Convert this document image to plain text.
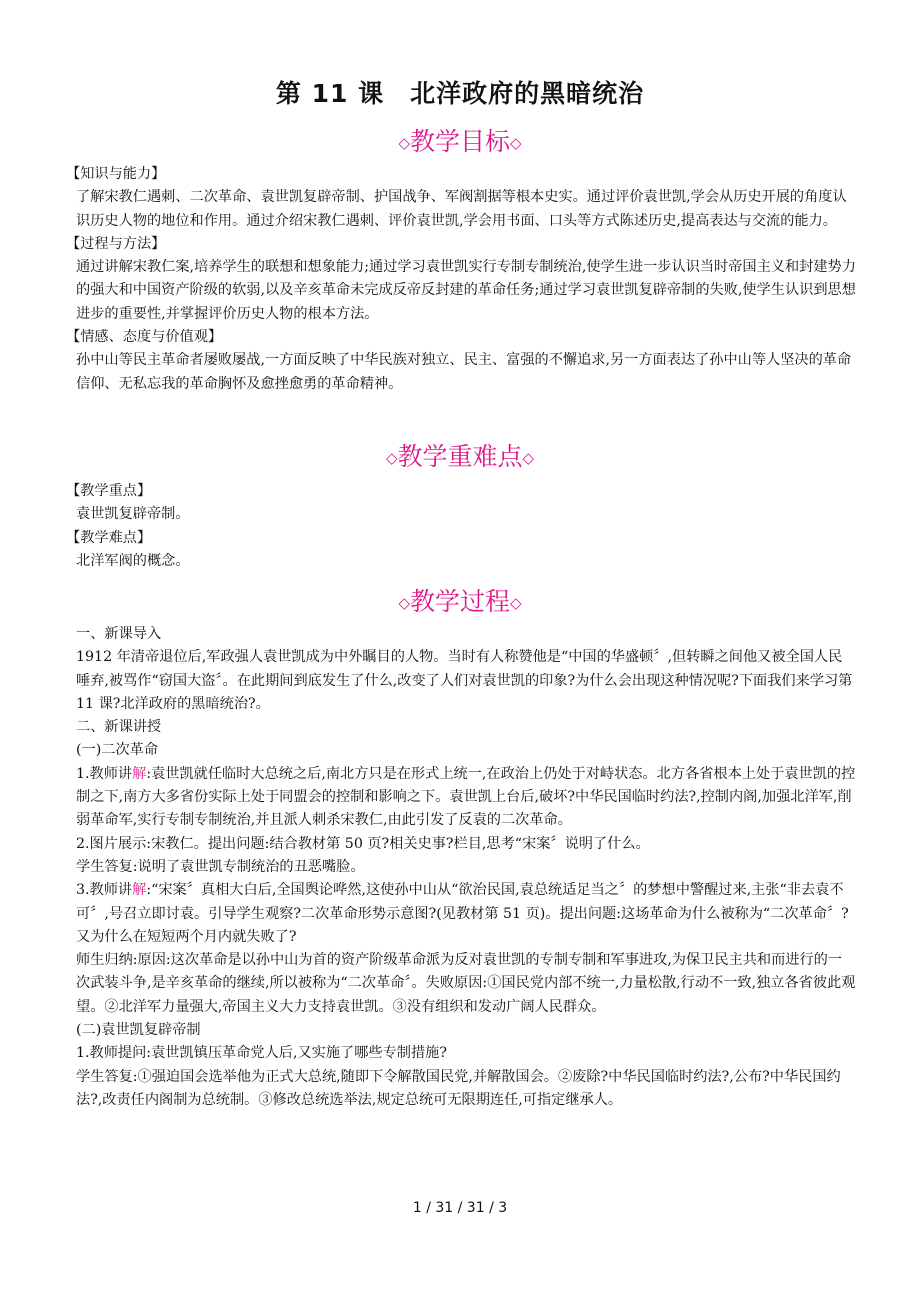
第 11 课　北洋政府的黑暗统治
◇教学目标◇

【知识与能力】

了解宋教仁遇刺、二次革命、袁世凯复辟帝制、护国战争、军阀割据等根本史实。通过评价袁世凯,学会从历史开展的角度认识历史人物的地位和作用。通过介绍宋教仁遇刺、评价袁世凯,学会用书面、口头等方式陈述历史,提高表达与交流的能力。

【过程与方法】

通过讲解宋教仁案,培养学生的联想和想象能力;通过学习袁世凯实行专制专制统治,使学生进一步认识当时帝国主义和封建势力的强大和中国资产阶级的软弱,以及辛亥革命未完成反帝反封建的革命任务;通过学习袁世凯复辟帝制的失败,使学生认识到思想进步的重要性,并掌握评价历史人物的根本方法。

【情感、态度与价值观】

孙中山等民主革命者屡败屡战,一方面反映了中华民族对独立、民主、富强的不懈追求,另一方面表达了孙中山等人坚决的革命信仰、无私忘我的革命胸怀及愈挫愈勇的革命精神。

◇教学重难点◇

【教学重点】

袁世凯复辟帝制。

【教学难点】

北洋军阀的概念。

◇教学过程◇

一、新课导入

1912 年清帝退位后,军政强人袁世凯成为中外瞩目的人物。当时有人称赞他是“中国的华盛顿〞,但转瞬之间他又被全国人民唾弃,被骂作“窃国大盗〞。在此期间到底发生了什么,改变了人们对袁世凯的印象?为什么会出现这种情况呢?下面我们来学习第 11 课?北洋政府的黑暗统治?。

二、新课讲授

(一)二次革命

1.教师讲解:袁世凯就任临时大总统之后,南北方只是在形式上统一,在政治上仍处于对峙状态。北方各省根本上处于袁世凯的控制之下,南方大多省份实际上处于同盟会的控制和影响之下。袁世凯上台后,破坏?中华民国临时约法?,控制内阁,加强北洋军,削弱革命军,实行专制专制统治,并且派人刺杀宋教仁,由此引发了反袁的二次革命。

2.图片展示:宋教仁。提出问题:结合教材第 50 页?相关史事?栏目,思考“宋案〞说明了什么。

学生答复:说明了袁世凯专制统治的丑恶嘴脸。

3.教师讲解:“宋案〞真相大白后,全国舆论哗然,这使孙中山从“欲治民国,袁总统适足当之〞的梦想中警醒过来,主张“非去袁不可〞,号召立即讨袁。引导学生观察?二次革命形势示意图?(见教材第 51 页)。提出问题:这场革命为什么被称为“二次革命〞?又为什么在短短两个月内就失败了?

师生归纳:原因:这次革命是以孙中山为首的资产阶级革命派为反对袁世凯的专制专制和军事进攻,为保卫民主共和而进行的一次武装斗争,是辛亥革命的继续,所以被称为“二次革命〞。失败原因:①国民党内部不统一,力量松散,行动不一致,独立各省彼此观望。②北洋军力量强大,帝国主义大力支持袁世凯。③没有组织和发动广阔人民群众。

(二)袁世凯复辟帝制

1.教师提问:袁世凯镇压革命党人后,又实施了哪些专制措施?

学生答复:①强迫国会选举他为正式大总统,随即下令解散国民党,并解散国会。②废除?中华民国临时约法?,公布?中华民国约法?,改责任内阁制为总统制。③修改总统选举法,规定总统可无限期连任,可指定继承人。

1 / 31 / 31 / 3
